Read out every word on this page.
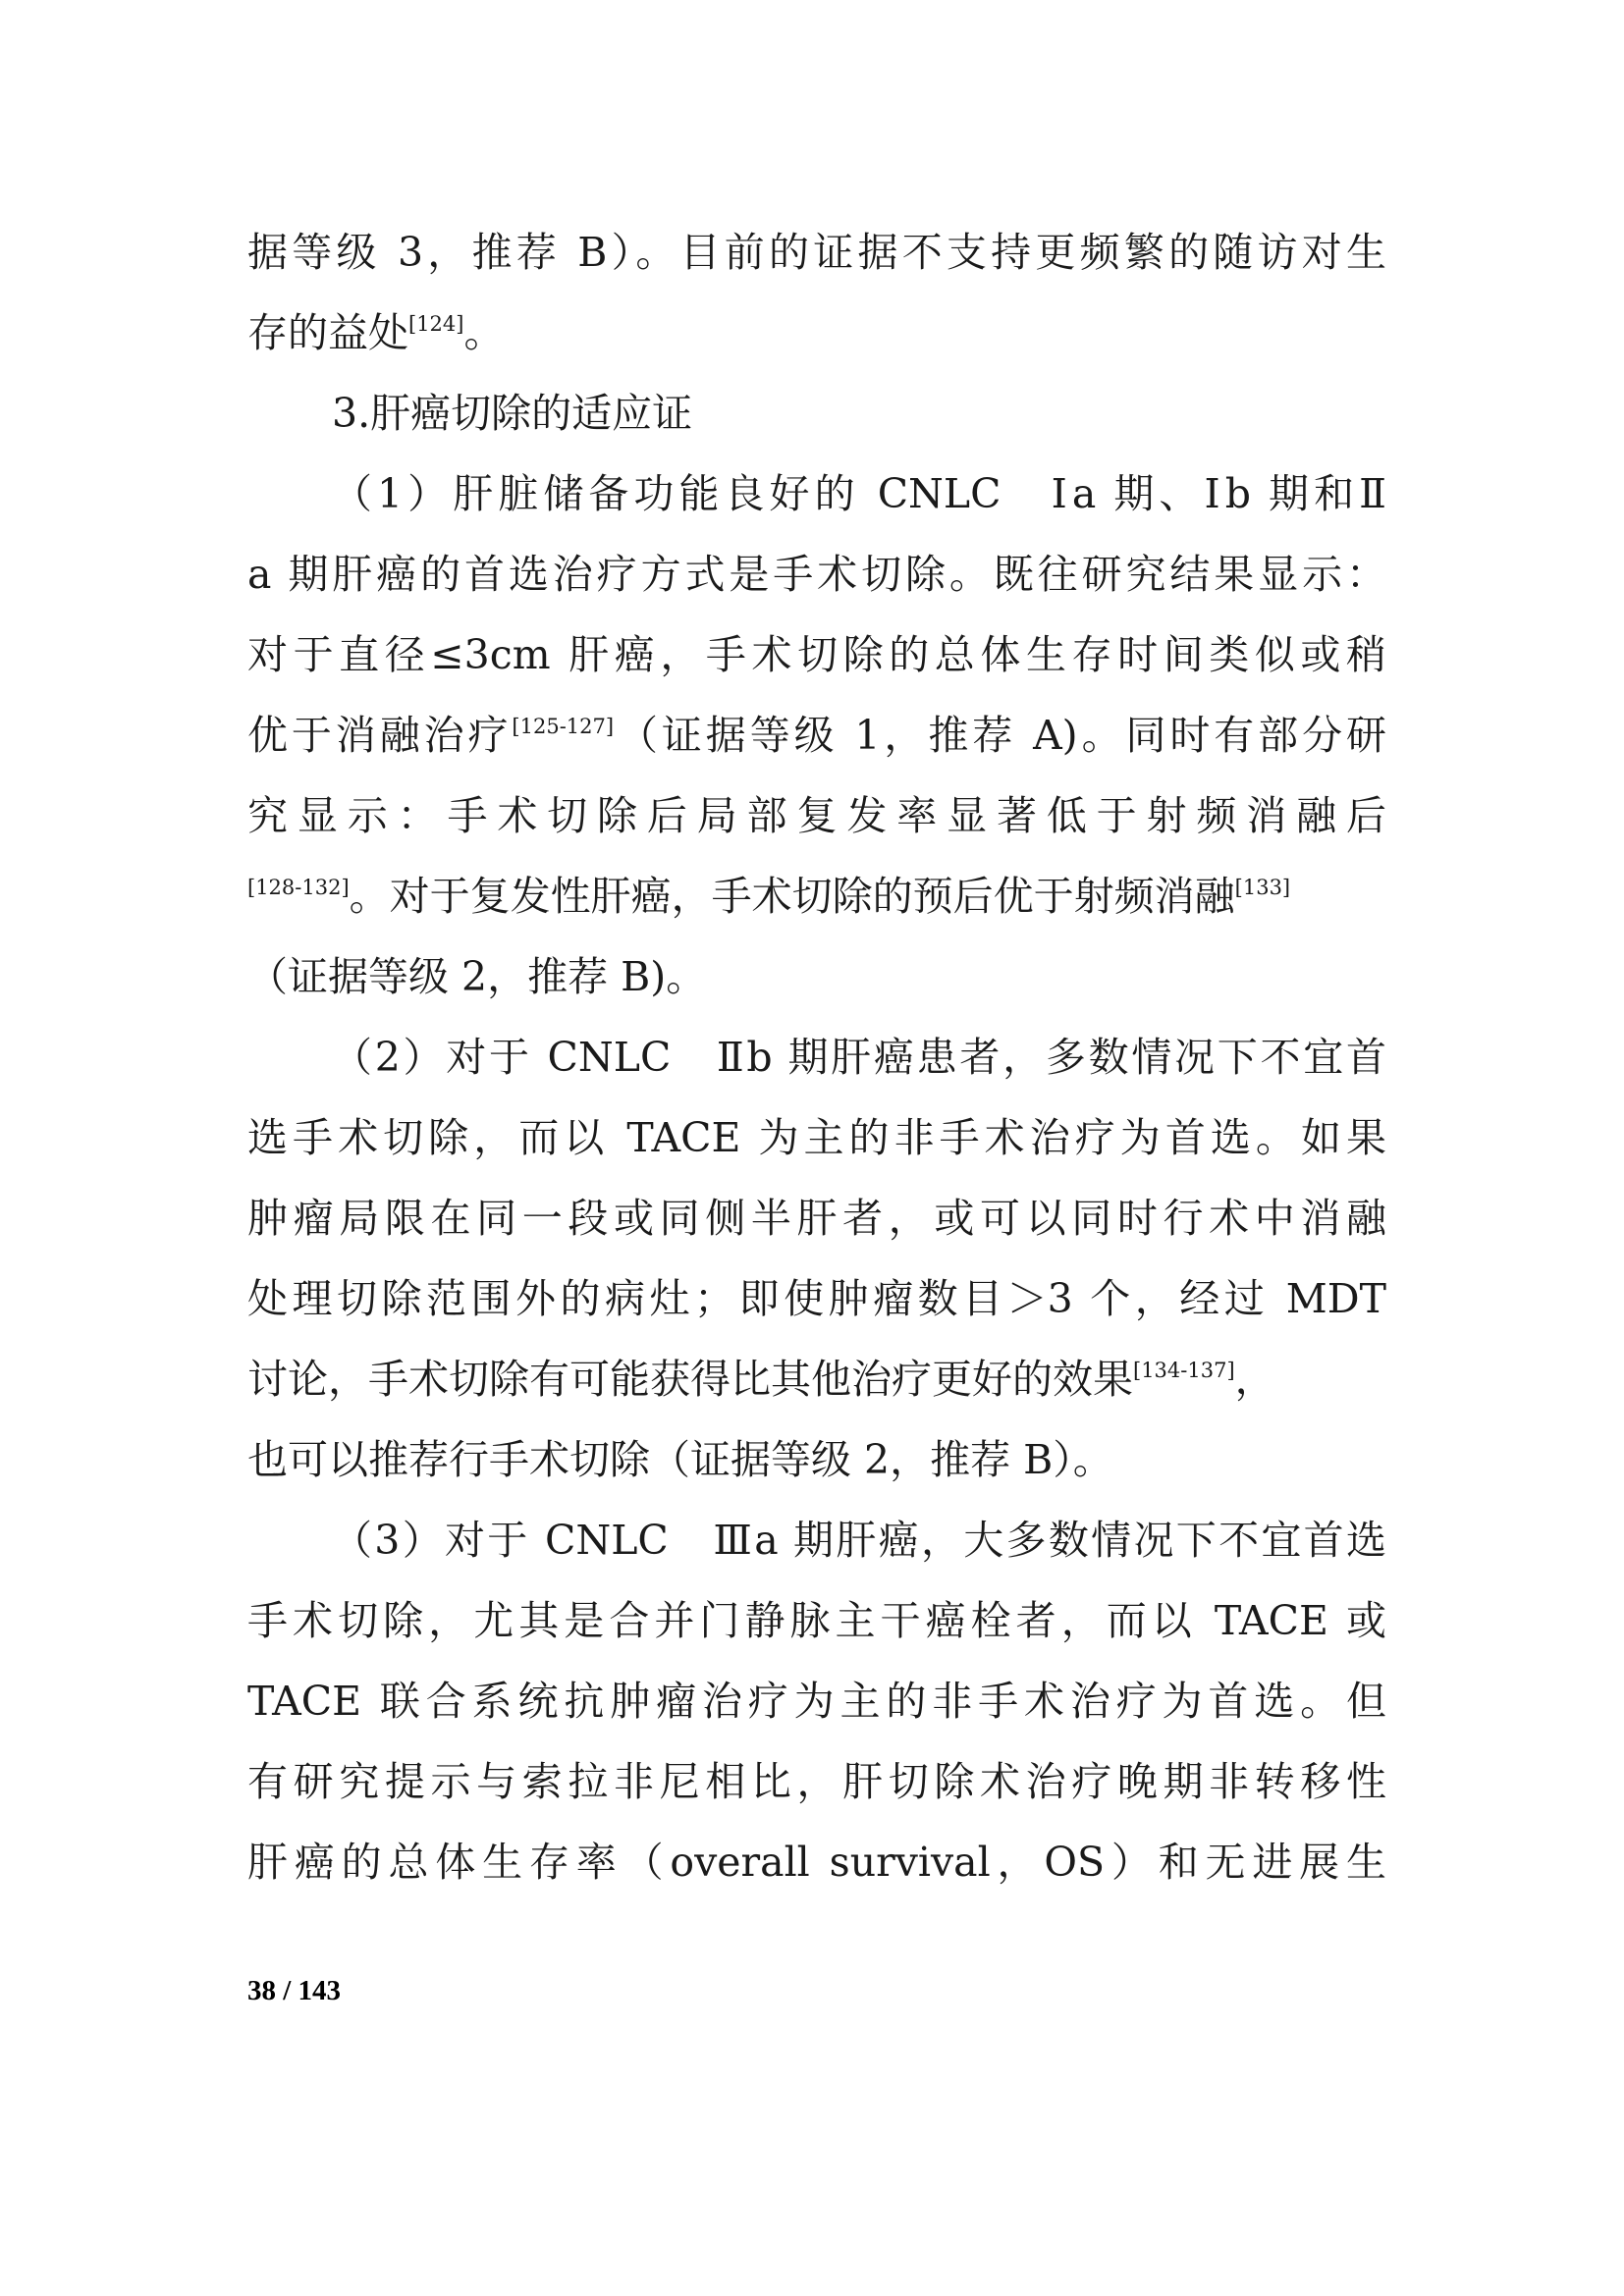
据等级 3，推荐 B）。目前的证据不支持更频繁的随访对生
存的益处[124]。
3.肝癌切除的适应证
（1）肝脏储备功能良好的 CNLC　Ⅰa 期、Ⅰb 期和Ⅱ
a 期肝癌的首选治疗方式是手术切除。既往研究结果显示：
对于直径≤3cm 肝癌，手术切除的总体生存时间类似或稍
优于消融治疗[125-127]（证据等级 1，推荐 A)。同时有部分研
究显示：手术切除后局部复发率显著低于射频消融后
[128-132]。对于复发性肝癌，手术切除的预后优于射频消融[133]
（证据等级 2，推荐 B)。
（2）对于 CNLC　Ⅱb 期肝癌患者，多数情况下不宜首
选手术切除，而以 TACE 为主的非手术治疗为首选。如果
肿瘤局限在同一段或同侧半肝者，或可以同时行术中消融
处理切除范围外的病灶；即使肿瘤数目＞3 个，经过 MDT
讨论，手术切除有可能获得比其他治疗更好的效果[134-137]，
也可以推荐行手术切除（证据等级 2，推荐 B）。
（3）对于 CNLC　Ⅲa 期肝癌，大多数情况下不宜首选
手术切除，尤其是合并门静脉主干癌栓者，而以 TACE 或
TACE 联合系统抗肿瘤治疗为主的非手术治疗为首选。但
有研究提示与索拉非尼相比，肝切除术治疗晚期非转移性
肝癌的总体生存率（overall survival，OS）和无进展生
38 / 143
